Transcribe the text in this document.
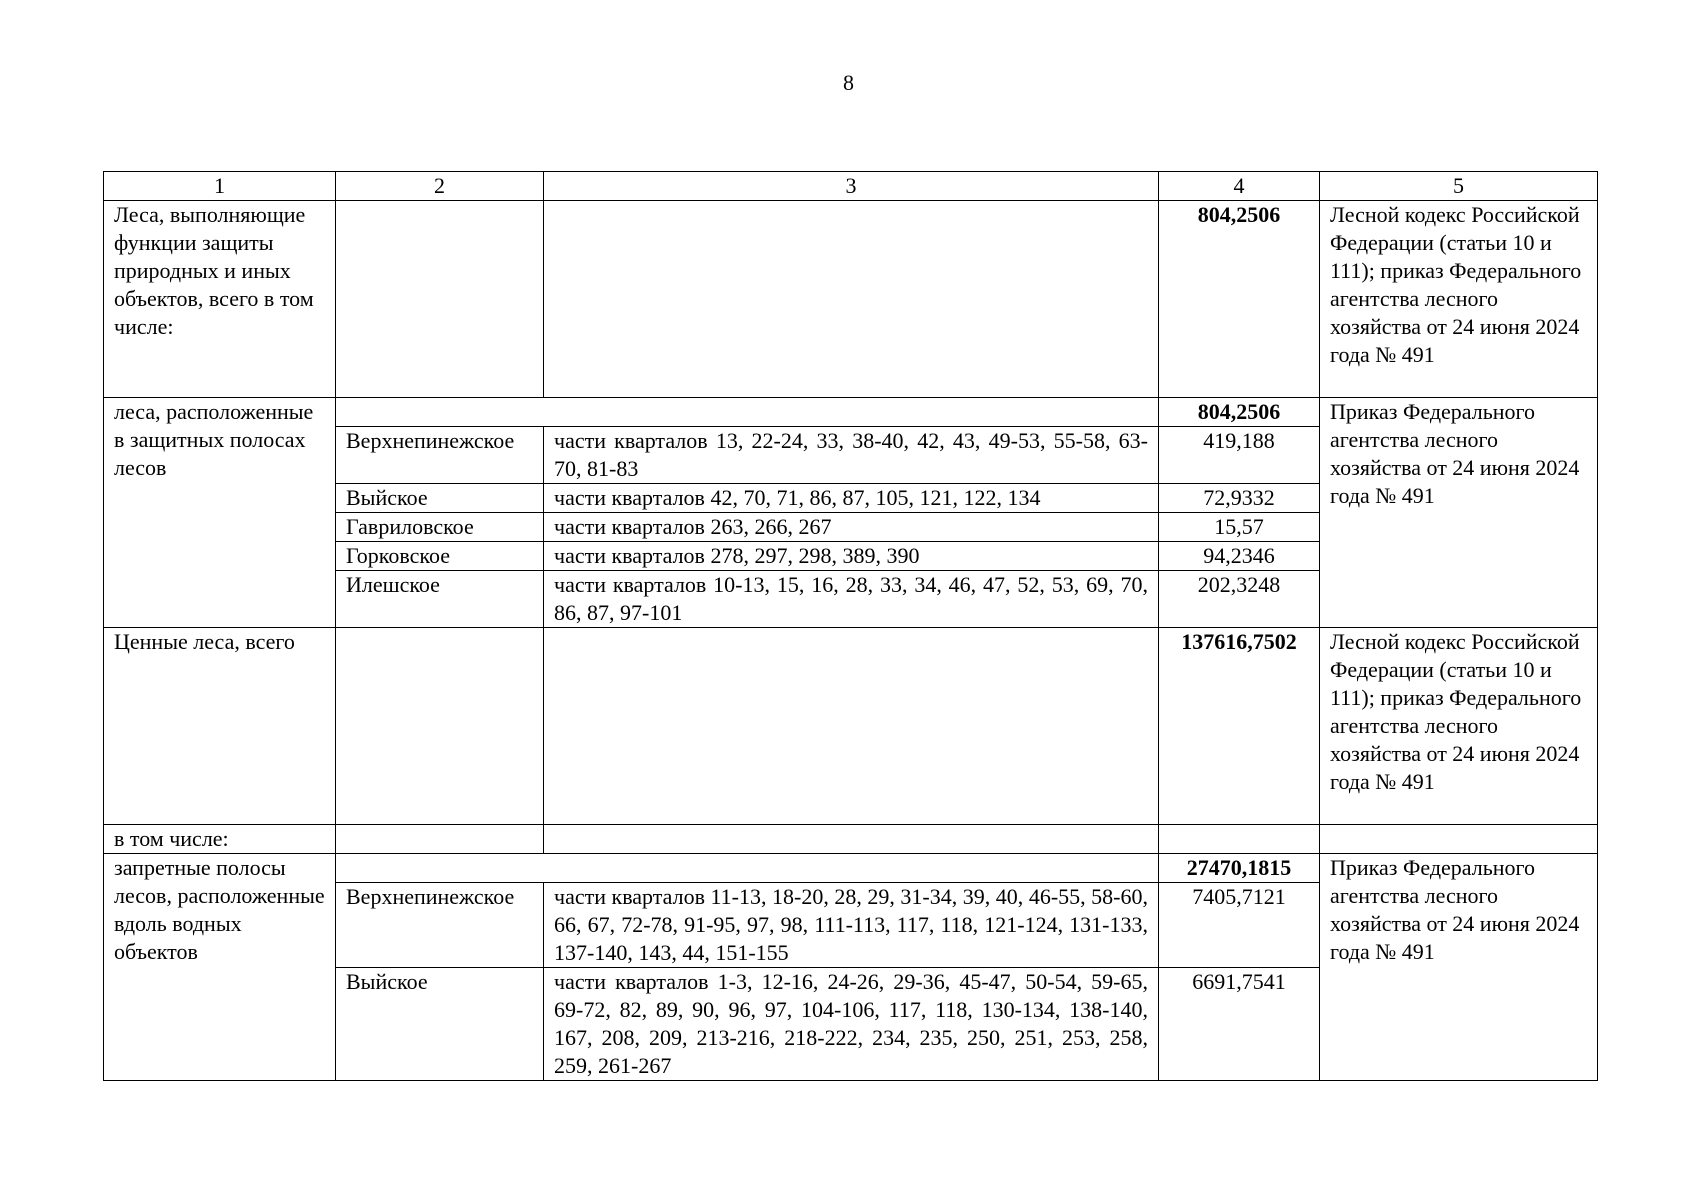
8
1	2	3	4	5
Леса, выполняющие функции защиты природных и иных объектов, всего в том числе:			804,2506	Лесной кодекс Российской Федерации (статьи 10 и 111); приказ Федерального агентства лесного хозяйства от 24 июня 2024 года № 491
леса, расположенные в защитных полосах лесов			804,2506	Приказ Федерального агентства лесного хозяйства от 24 июня 2024 года № 491
	Верхнепинежское	части кварталов 13, 22-24, 33, 38-40, 42, 43, 49-53, 55-58, 63-70, 81-83	419,188	
	Выйское	части кварталов 42, 70, 71, 86, 87, 105, 121, 122, 134	72,9332	
	Гавриловское	части кварталов 263, 266, 267	15,57	
	Горковское	части кварталов 278, 297, 298, 389, 390	94,2346	
	Илешское	части кварталов 10-13, 15, 16, 28, 33, 34, 46, 47, 52, 53, 69, 70, 86, 87, 97-101	202,3248	
Ценные леса, всего			137616,7502	Лесной кодекс Российской Федерации (статьи 10 и 111); приказ Федерального агентства лесного хозяйства от 24 июня 2024 года № 491
в том числе:				
запретные полосы лесов, расположенные вдоль водных объектов			27470,1815	Приказ Федерального агентства лесного хозяйства от 24 июня 2024 года № 491
	Верхнепинежское	части кварталов 11-13, 18-20, 28, 29, 31-34, 39, 40, 46-55, 58-60, 66, 67, 72-78, 91-95, 97, 98, 111-113, 117, 118, 121-124, 131-133, 137-140, 143, 44, 151-155	7405,7121	
	Выйское	части кварталов 1-3, 12-16, 24-26, 29-36, 45-47, 50-54, 59-65, 69-72, 82, 89, 90, 96, 97, 104-106, 117, 118, 130-134, 138-140, 167, 208, 209, 213-216, 218-222, 234, 235, 250, 251, 253, 258, 259, 261-267	6691,7541	
